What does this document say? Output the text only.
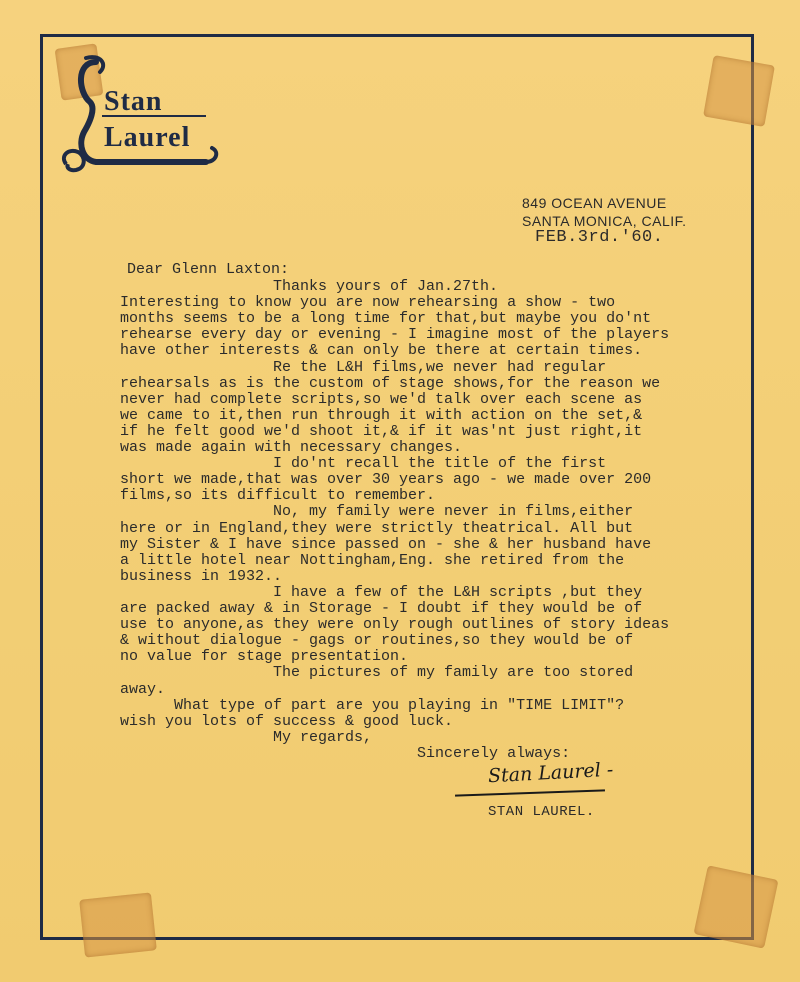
Stan
Laurel
849 OCEAN AVENUE
SANTA MONICA, CALIF.
FEB.3rd.'60.
Dear Glenn Laxton:
Thanks yours of Jan.27th.
Interesting to know you are now rehearsing a show - two
months seems to be a long time for that,but maybe you do'nt
rehearse every day or evening - I imagine most of the players
have other interests & can only be there at certain times.
Re the L&H films,we never had regular
rehearsals as is the custom of stage shows,for the reason we
never had complete scripts,so we'd talk over each scene as
we came to it,then run through it with action on the set,&
if he felt good we'd shoot it,& if it was'nt just right,it
was made again with necessary changes.
I do'nt recall the title of the first
short we made,that was over 30 years ago - we made over 200
films,so its difficult to remember.
No, my family were never in films,either
here or in England,they were strictly theatrical. All but
my Sister & I have since passed on - she & her husband have
a little hotel near Nottingham,Eng. she retired from the
business in 1932..
I have a few of the L&H scripts ,but they
are packed away & in Storage - I doubt if they would be of
use to anyone,as they were only rough outlines of story ideas
& without dialogue - gags or routines,so they would be of
no value for stage presentation.
The pictures of my family are too stored
away.
What type of part are you playing in "TIME LIMIT"?
wish you lots of success & good luck.
My regards,
Sincerely always:
Stan Laurel -
STAN LAUREL.
